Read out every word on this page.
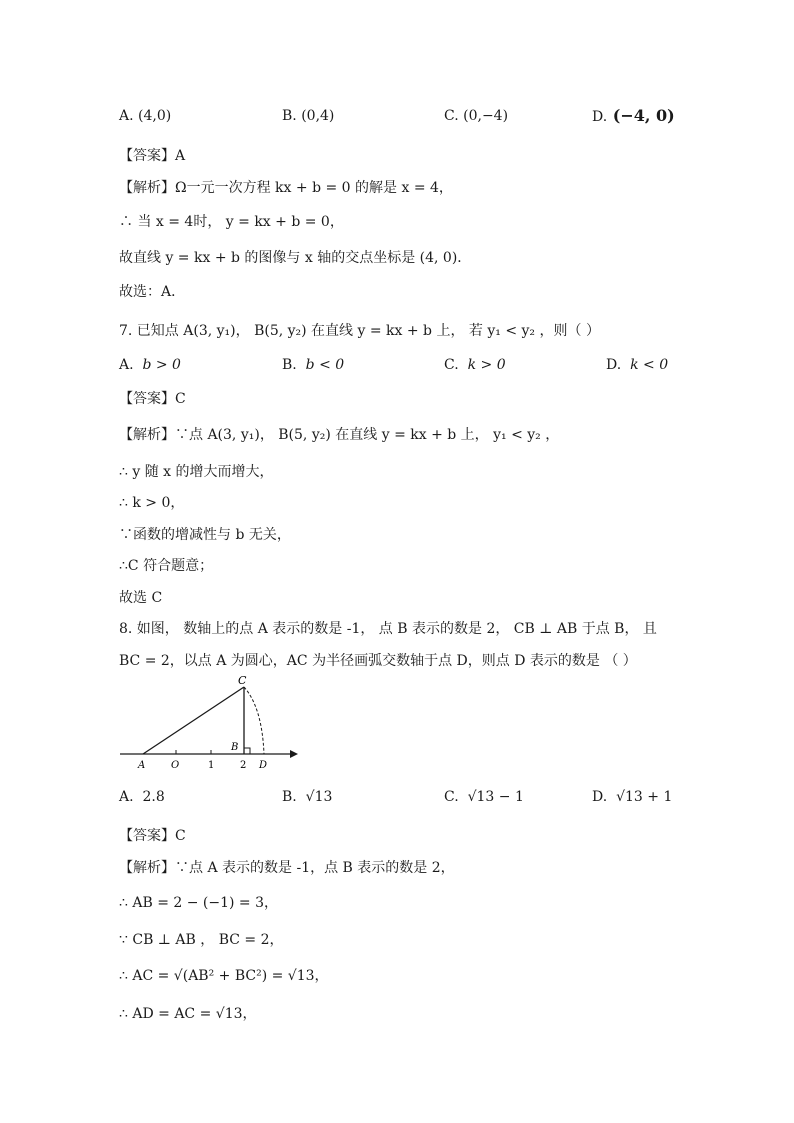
A. (4,0)	B. (0,4)	C. (0,−4)	D. (−4, 0)
【答案】A
【解析】Ω一元一次方程 kx + b = 0 的解是 x = 4，
∴ 当 x = 4时， y = kx + b = 0，
故直线 y = kx + b 的图像与 x 轴的交点坐标是 (4, 0)．
故选：A．
7. 已知点 A(3, y₁)， B(5, y₂) 在直线 y = kx + b 上， 若 y₁ < y₂ ，则（ ）
A. b > 0	B. b < 0	C. k > 0	D. k < 0
【答案】C
【解析】∵点 A(3, y₁)， B(5, y₂) 在直线 y = kx + b 上， y₁ < y₂ ，
∴ y 随 x 的增大而增大，
∴ k > 0，
∵函数的增减性与 b 无关，
∴C 符合题意；
故选 C
8. 如图， 数轴上的点 A 表示的数是 -1， 点 B 表示的数是 2， CB ⊥ AB 于点 B， 且
BC = 2，以点 A 为圆心，AC 为半径画弧交数轴于点 D，则点 D 表示的数是 （ ）
C
B
A	O	1	2 D
A. 2.8	B. √13	C. √13 − 1	D. √13 + 1
【答案】C
【解析】∵点 A 表示的数是 -1，点 B 表示的数是 2，
∴ AB = 2 − (−1) = 3，
∵ CB ⊥ AB ， BC = 2，
∴ AC = √(AB² + BC²) = √13，
∴ AD = AC = √13，
